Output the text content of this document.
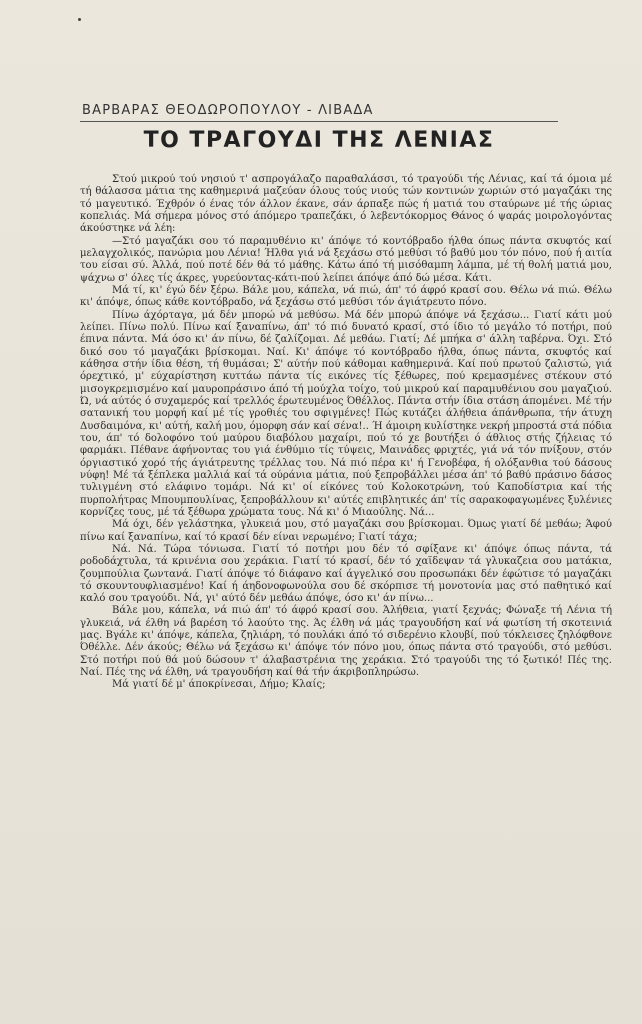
ΒΑΡΒΑΡΑΣ ΘΕΟΔΩΡΟΠΟΥΛΟΥ - ΛΙΒΑΔΑ
ΤΟ ΤΡΑΓΟΥΔΙ ΤΗΣ ΛΕΝΙΑΣ

Στού μικρού τού νησιού τ' ασπρογάλαζο παραθαλάσσι, τό τραγούδι τής Λένιας, καί τά όμοια μέ τή θάλασσα μάτια της καθημερινά μαζεύαν όλους τούς νιούς τών κοντινών χωριών στό μαγαζάκι της τό μαγευτικό. Έχθρόν ό ένας τόν άλλον έκανε, σάν άρπαξε πώς ή ματιά του σταύρωνε μέ τής ώριας κοπελιάς. Μά σήμερα μόνος στό άπόμερο τραπεζάκι, ό λεβεντόκορμος Θάνος ό ψαράς μοιρολογόντας άκούστηκε νά λέη:

—Στό μαγαζάκι σου τό παραμυθένιο κι' άπόψε τό κοντόβραδο ήλθα όπως πάντα σκυφτός καί μελαγχολικός, πανώρια μου Λένια! Ήλθα γιά νά ξεχάσω στό μεθύσι τό βαθύ μου τόν πόνο, πού ή αιτία του είσαι σύ. Άλλά, πού ποτέ δέν θά τό μάθης. Κάτω άπό τή μισόθαμπη λάμπα, μέ τή θολή ματιά μου, ψάχνω σ' όλες τίς άκρες, γυρεύοντας-κάτι-πού λείπει άπόψε άπό δώ μέσα. Κάτι.

Μά τί, κι' έγώ δέν ξέρω. Βάλε μου, κάπελα, νά πιώ, άπ' τό άφρό κρασί σου. Θέλω νά πιώ. Θέλω κι' άπόψε, όπως κάθε κοντόβραδο, νά ξεχάσω στό μεθύσι τόν άγιάτρευτο πόνο.

Πίνω άχόρταγα, μά δέν μπορώ νά μεθύσω. Μά δέν μπορώ άπόψε νά ξεχάσω... Γιατί κάτι μού λείπει. Πίνω πολύ. Πίνω καί ξαναπίνω, άπ' τό πιό δυνατό κρασί, στό ίδιο τό μεγάλο τό ποτήρι, πού έπινα πάντα. Μά όσο κι' άν πίνω, δέ ζαλίζομαι. Δέ μεθάω. Γιατί; Δέ μπήκα σ' άλλη ταβέρνα. Όχι. Στό δικό σου τό μαγαζάκι βρίσκομαι. Ναί. Κι' άπόψε τό κοντόβραδο ήλθα, όπως πάντα, σκυφτός καί κάθησα στήν ίδια θέση, τή θυμάσαι; Σ' αύτήν πού κάθομαι καθημερινά. Καί πού πρωτού ζαλιστώ, γιά όρεχτικό, μ' εύχαρίστηση κυττάω πάντα τίς εικόνες τίς ξέθωρες, πού κρεμασμένες στέκουν στό μισογκρεμισμένο καί μαυροπράσινο άπό τή μούχλα τοίχο, τού μικρού καί παραμυθένιου σου μαγαζιού. Ώ, νά αύτός ό συχαμερός καί τρελλός έρωτευμένος Όθέλλος. Πάντα στήν ίδια στάση άπομένει. Μέ τήν σατανική του μορφή καί μέ τίς γροθιές του σφιγμένες! Πώς κυτάζει άλήθεια άπάνθρωπα, τήν άτυχη Δυσδαιμόνα, κι' αύτή, καλή μου, όμορφη σάν καί σένα!.. Ή άμοιρη κυλίστηκε νεκρή μπροστά στά πόδια του, άπ' τό δολοφόνο τού μαύρου διαβόλου μαχαίρι, πού τό χε βουτήξει ό άθλιος στής ζήλειας τό φαρμάκι. Πέθανε άφήνοντας του γιά ένθύμιο τίς τύψεις, Μαινάδες φριχτές, γιά νά τόν πνίξουν, στόν όργιαστικό χορό τής άγιάτρευτης τρέλλας του. Νά πιό πέρα κι' ή Γενοβέφα, ή ολόξανθια τού δάσους νύφη! Μέ τά ξέπλεκα μαλλιά καί τά ούράνια μάτια, πού ξεπροβάλλει μέσα άπ' τό βαθύ πράσινο δάσος τυλιγμένη στό ελάφινο τομάρι. Νά κι' οί είκόνες τού Κολοκοτρώνη, τού Καποδίστρια καί τής πυρπολήτρας Μπουμπουλίνας, ξεπροβάλλουν κι' αύτές επιβλητικές άπ' τίς σαρακοφαγωμένες ξυλένιες κορνίζες τους, μέ τά ξέθωρα χρώματα τους. Νά κι' ό Μιαούλης. Νά...

Μά όχι, δέν γελάστηκα, γλυκειά μου, στό μαγαζάκι σου βρίσκομαι. Όμως γιατί δέ μεθάω; Άφού πίνω καί ξαναπίνω, καί τό κρασί δέν είναι νερωμένο; Γιατί τάχα;

Νά. Νά. Τώρα τόνιωσα. Γιατί τό ποτήρι μου δέν τό σφίξανε κι' άπόψε όπως πάντα, τά ροδοδάχτυλα, τά κρινένια σου χεράκια. Γιατί τό κρασί, δέν τό χαϊδεψαν τά γλυκαζεια σου ματάκια, ζουμπούλια ζωντανά. Γιατί άπόψε τό διάφανο καί άγγελικό σου προσωπάκι δέν έφώτισε τό μαγαζάκι τό σκουντουφλιασμένο! Καί ή άηδονοφωνούλα σου δέ σκόρπισε τή μονοτονία μας στό παθητικό καί καλό σου τραγούδι. Νά, γι' αύτό δέν μεθάω άπόψε, όσο κι' άν πίνω...

Βάλε μου, κάπελα, νά πιώ άπ' τό άφρό κρασί σου. Άλήθεια, γιατί ξεχνάς; Φώναξε τή Λένια τή γλυκειά, νά έλθη νά βαρέση τό λαούτο της. Άς έλθη νά μάς τραγουδήση καί νά φωτίση τή σκοτεινιά μας. Βγάλε κι' άπόψε, κάπελα, ζηλιάρη, τό πουλάκι άπό τό σιδερένιο κλουβί, πού τόκλεισες ζηλόφθονε Όθέλλε. Δέν άκούς; Θέλω νά ξεχάσω κι' άπόψε τόν πόνο μου, όπως πάντα στό τραγούδι, στό μεθύσι. Στό ποτήρι πού θά μού δώσουν τ' άλαβαστρένια της χεράκια. Στό τραγούδι της τό ξωτικό! Πές της. Ναί. Πές της νά έλθη, νά τραγουδήση καί θά τήν άκριβοπληρώσω.

Μά γιατί δέ μ' άποκρίνεσαι, Δήμο; Κλαίς;
